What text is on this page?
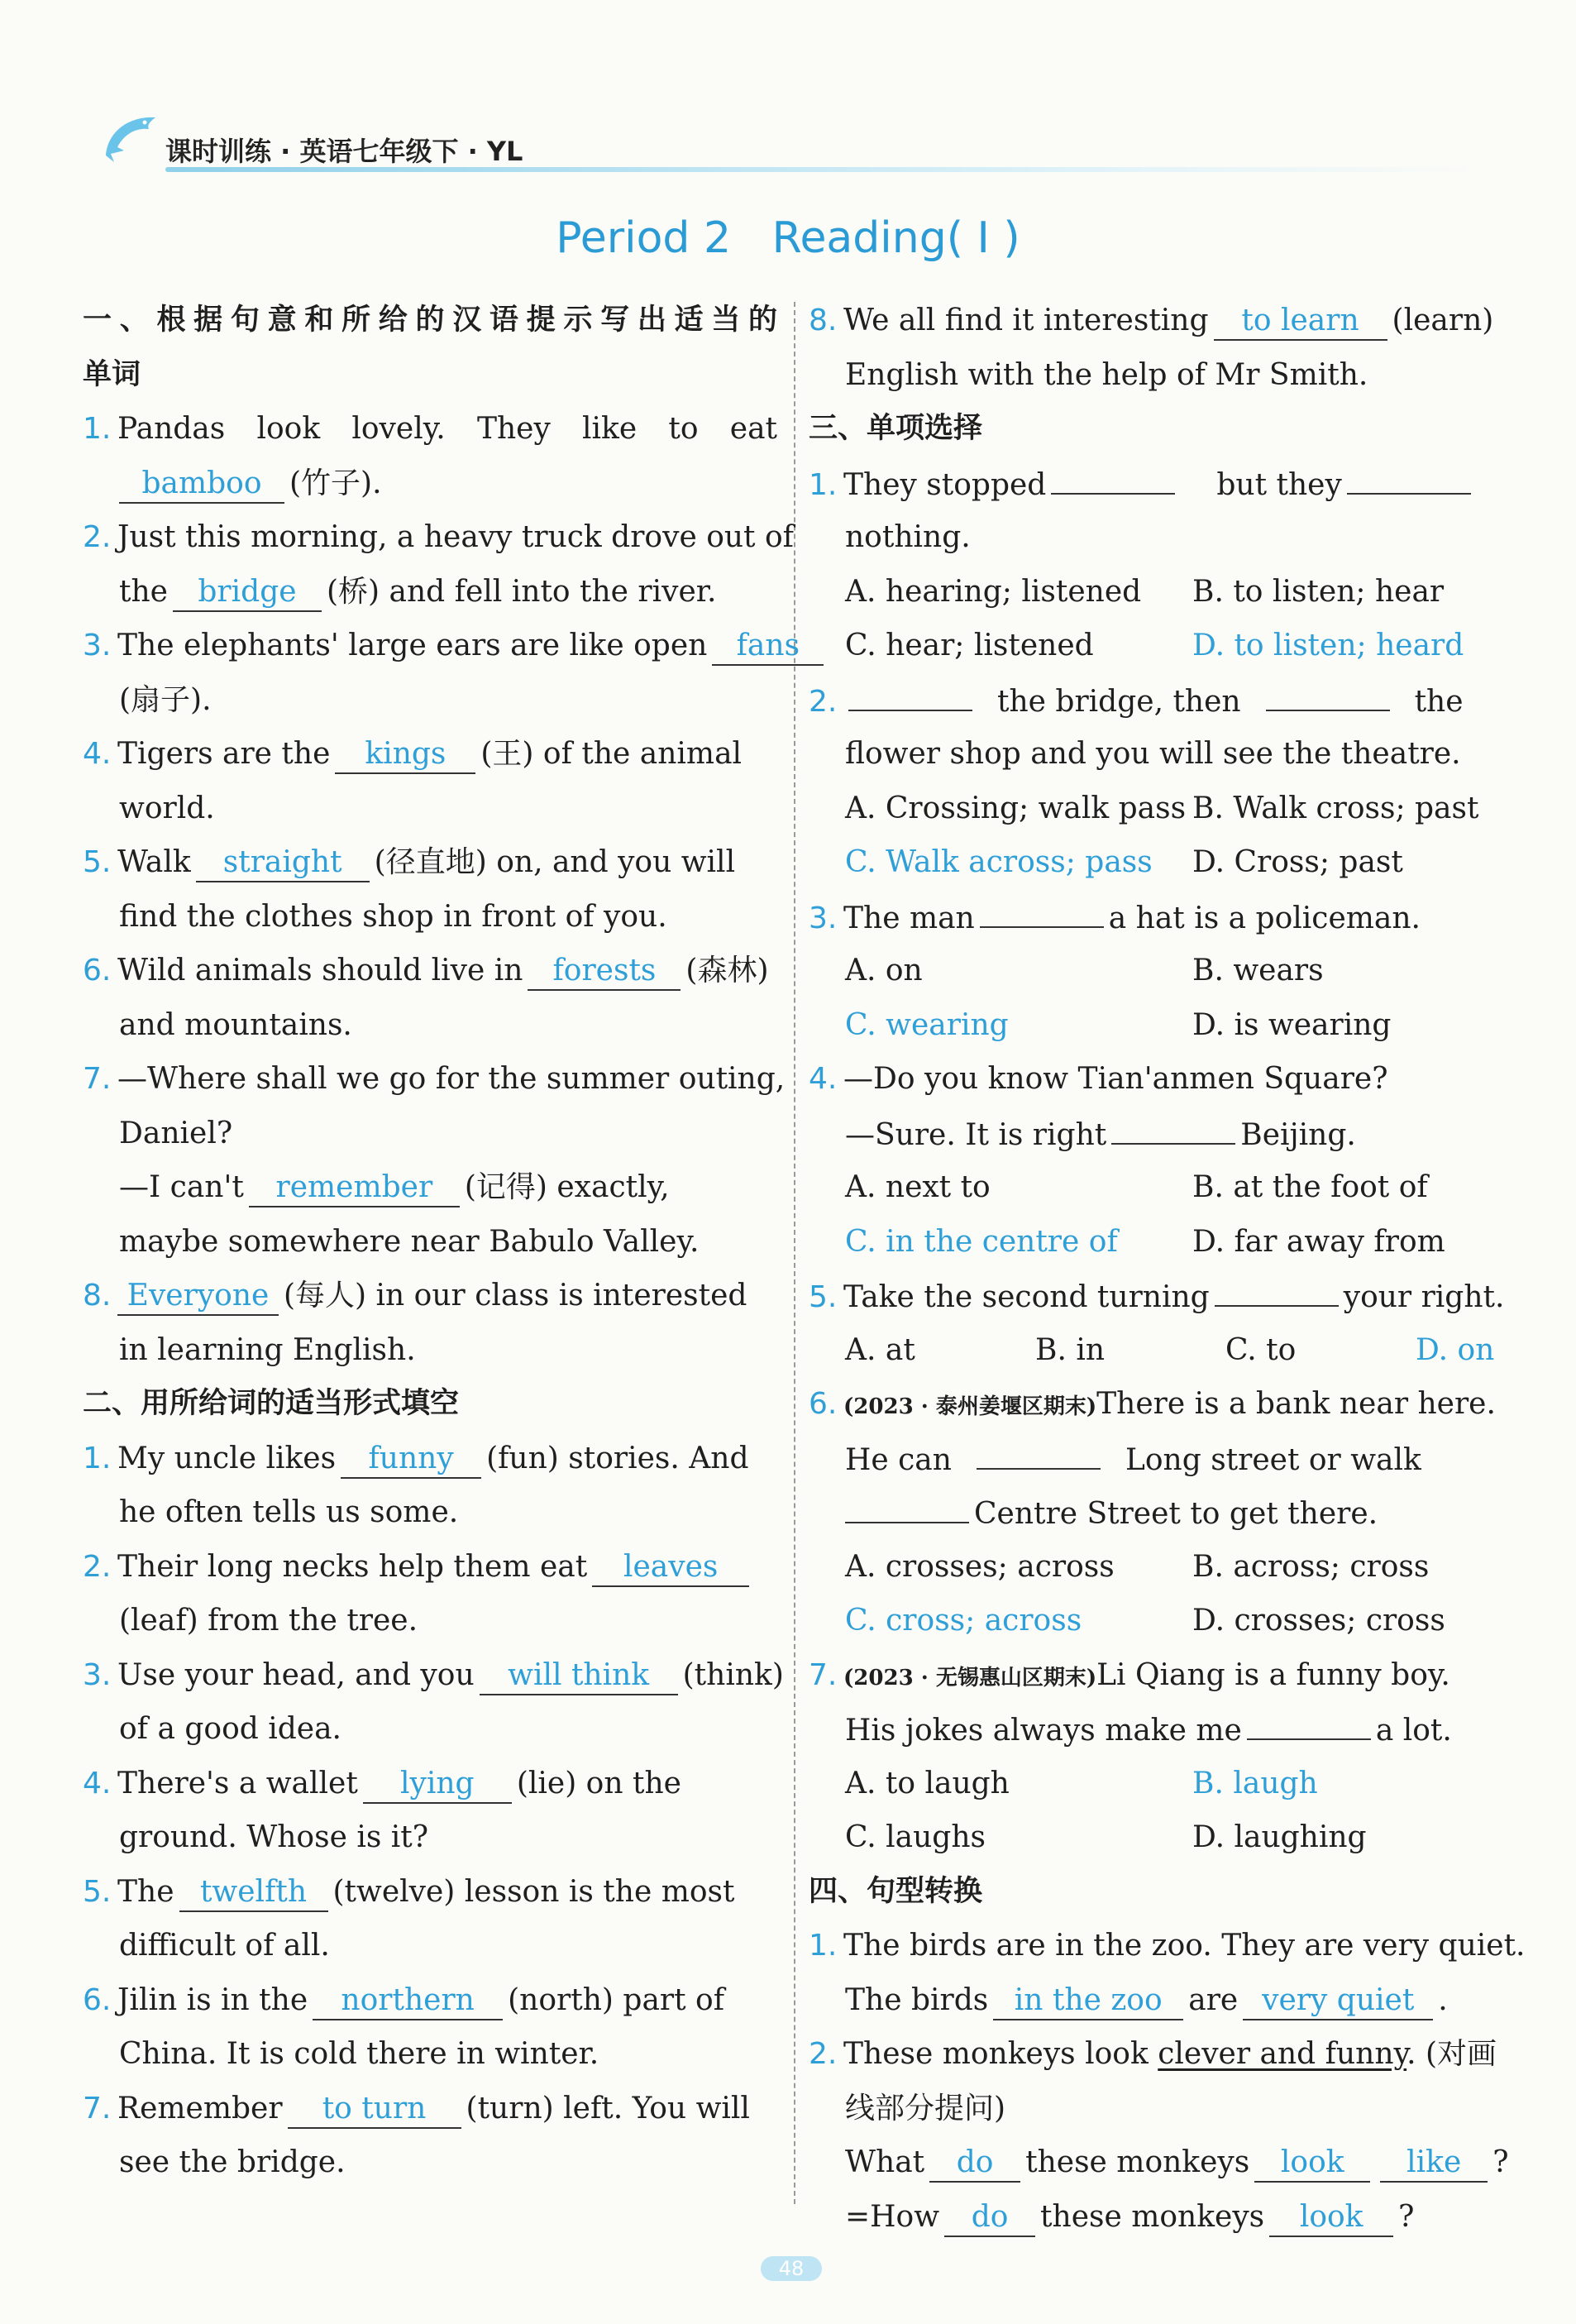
课时训练 · 英语七年级下 · YL
Period 2   Reading( Ⅰ )
一、根据句意和所给的汉语提示写出适当的
单词
1. Pandas look lovely. They like to eat
bamboo (竹子).
2. Just this morning, a heavy truck drove out of
the bridge (桥) and fell into the river.
3. The elephants' large ears are like open fans
(扇子).
4. Tigers are the kings (王) of the animal
world.
5. Walk straight (径直地) on, and you will
find the clothes shop in front of you.
6. Wild animals should live in forests (森林)
and mountains.
7. —Where shall we go for the summer outing,
Daniel?
—I can't remember (记得) exactly,
maybe somewhere near Babulo Valley.
8. Everyone (每人) in our class is interested
in learning English.
二、用所给词的适当形式填空
1. My uncle likes funny (fun) stories. And
he often tells us some.
2. Their long necks help them eat leaves
(leaf) from the tree.
3. Use your head, and you will think (think)
of a good idea.
4. There's a wallet lying (lie) on the
ground. Whose is it?
5. The twelfth (twelve) lesson is the most
difficult of all.
6. Jilin is in the northern (north) part of
China. It is cold there in winter.
7. Remember to turn (turn) left. You will
see the bridge.
8. We all find it interesting to learn (learn)
English with the help of Mr Smith.
三、单项选择
1. They stopped	but they
nothing.
A. hearing; listened B. to listen; hear
C. hear; listened	D. to listen; heard
2.	the bridge, then	the
flower shop and you will see the theatre.
A. Crossing; walk pass B. Walk cross; past
C. Walk across; pass D. Cross; past
3. The man	a hat is a policeman.
A. on	B. wears
C. wearing	D. is wearing
4. —Do you know Tian'anmen Square?
—Sure. It is right	Beijing.
A. next to	B. at the foot of
C. in the centre of	D. far away from
5. Take the second turning	your right.
A. at	B. in	C. to	D. on
6. (2023 · 泰州姜堰区期末)There is a bank near here.
He can	Long street or walk
Centre Street to get there.
A. crosses; across	B. across; cross
C. cross; across	D. crosses; cross
7. (2023 · 无锡惠山区期末)Li Qiang is a funny boy.
His jokes always make me	a lot.
A. to laugh	B. laugh
C. laughs	D. laughing
四、句型转换
1. The birds are in the zoo. They are very quiet.
The birds in the zoo are very quiet .
2. These monkeys look clever and funny. (对画
线部分提问)
What do these monkeys look like ?
=How do these monkeys look ?
48
